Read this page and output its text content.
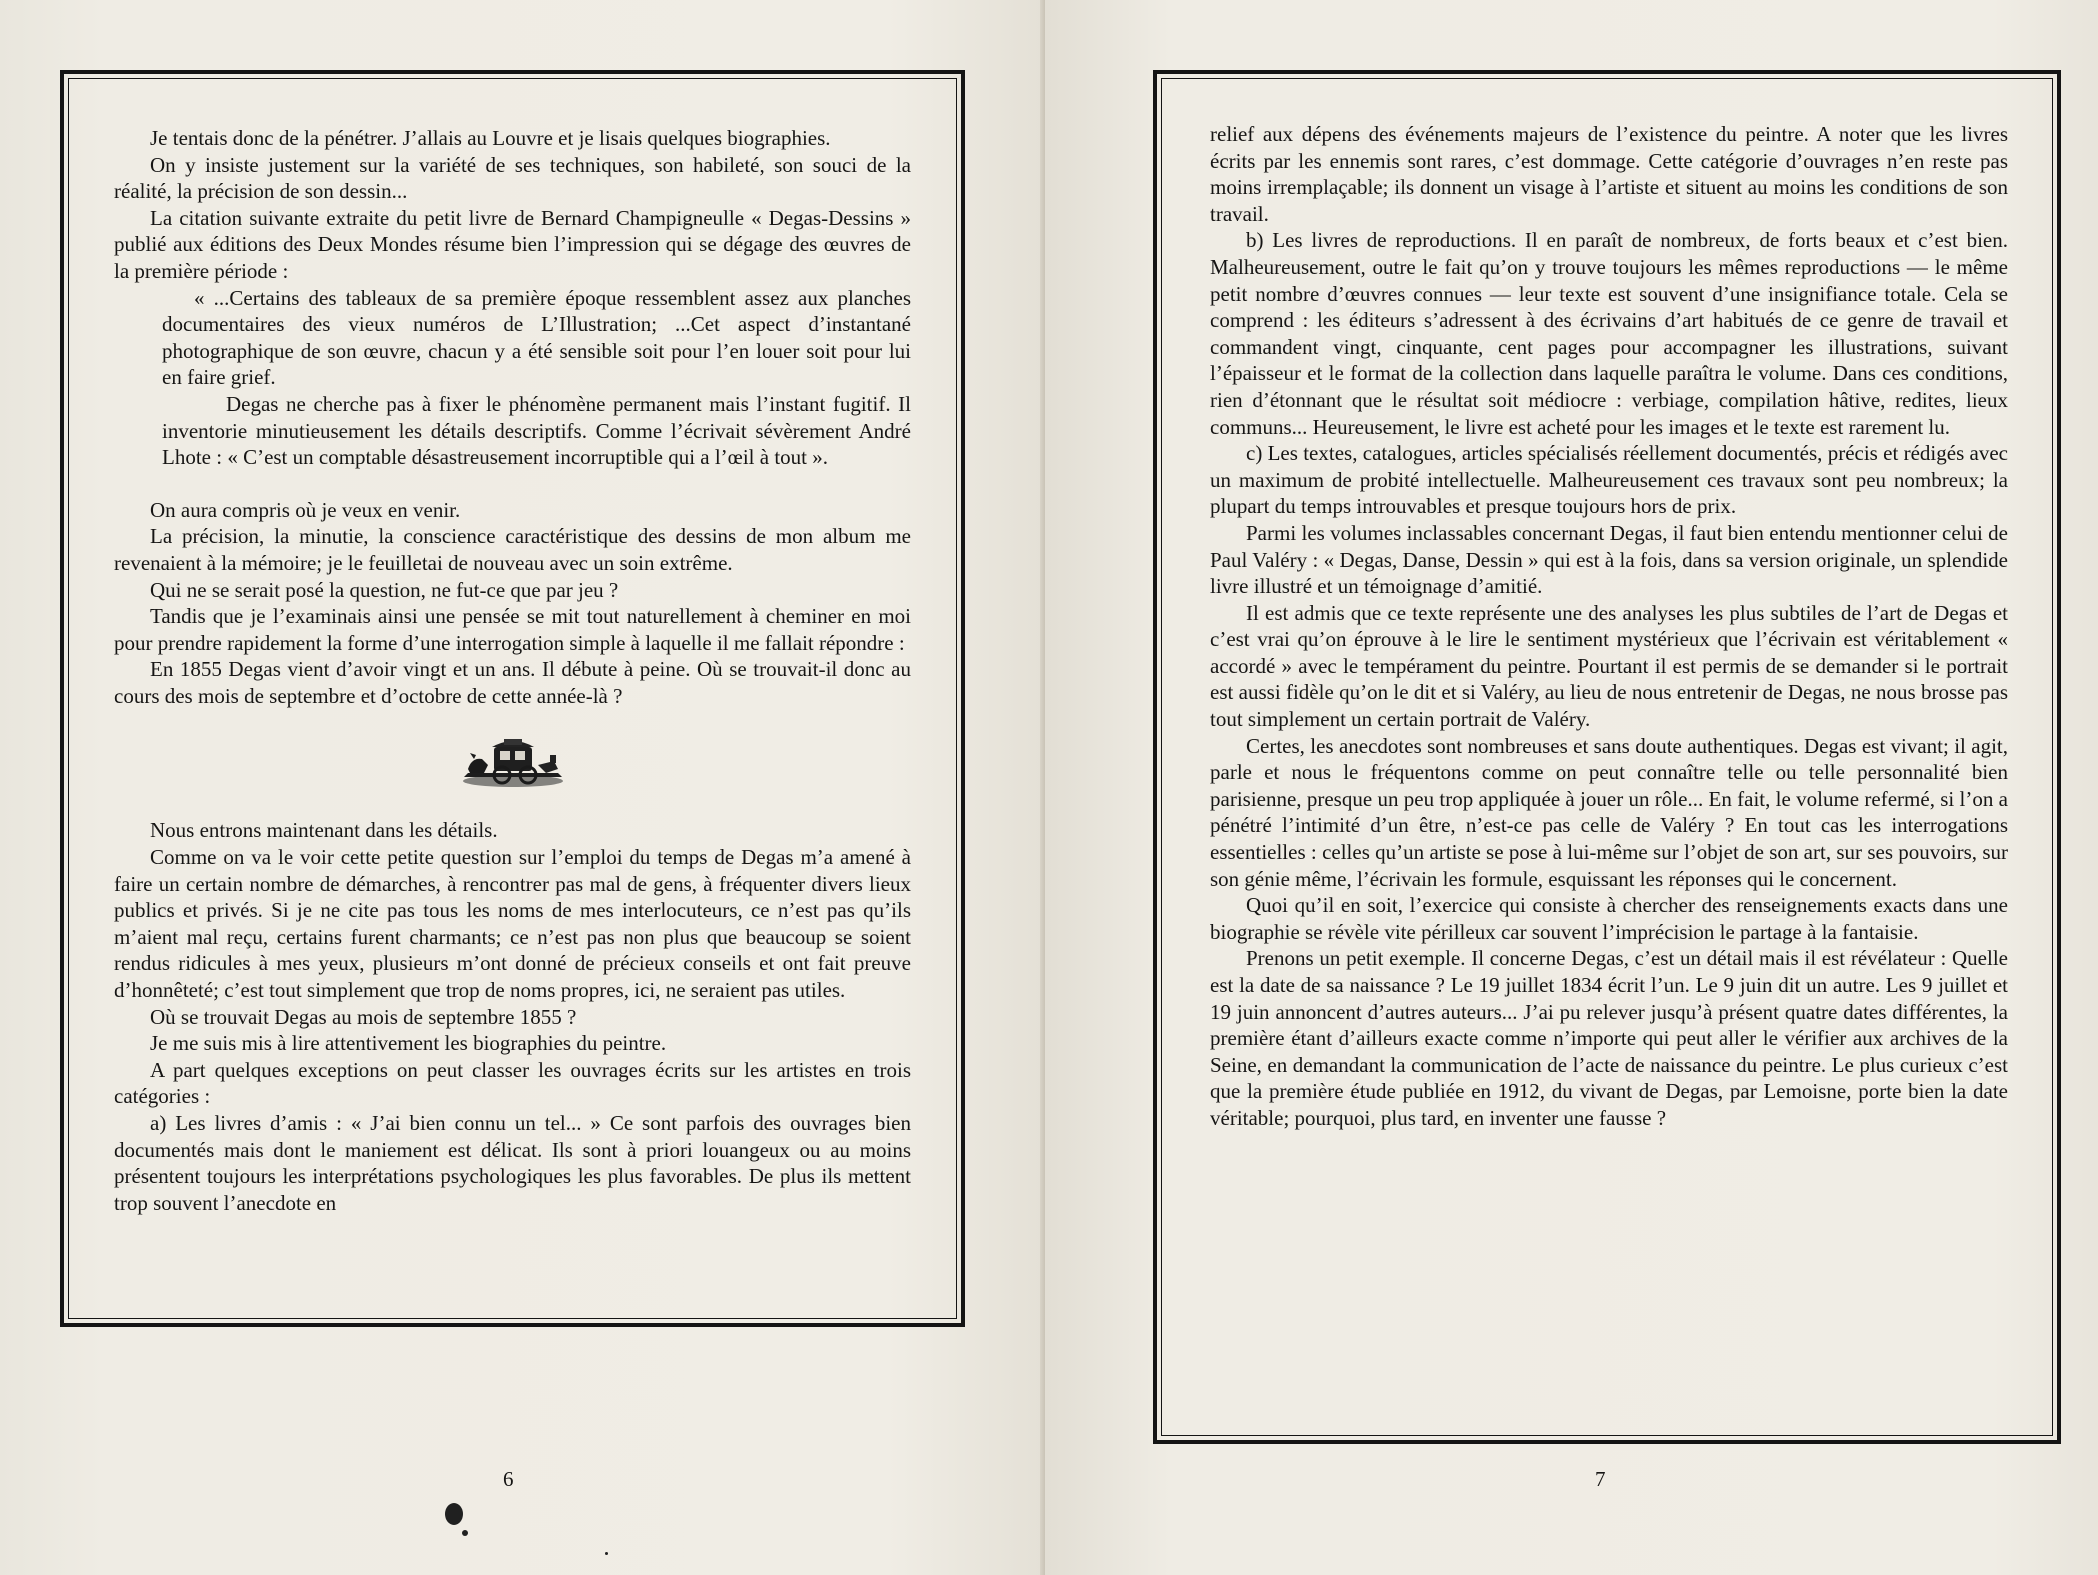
Je tentais donc de la pénétrer. J’allais au Louvre et je lisais quelques biographies.

On y insiste justement sur la variété de ses techniques, son habileté, son souci de la réalité, la précision de son dessin...

La citation suivante extraite du petit livre de Bernard Champigneulle « Degas-Dessins » publié aux éditions des Deux Mondes résume bien l’impression qui se dégage des œuvres de la première période :

« ...Certains des tableaux de sa première époque ressemblent assez aux planches documentaires des vieux numéros de L’Illustration; ...Cet aspect d’instantané photographique de son œuvre, chacun y a été sensible soit pour l’en louer soit pour lui en faire grief.

Degas ne cherche pas à fixer le phénomène permanent mais l’instant fugitif. Il inventorie minutieusement les détails descriptifs. Comme l’écrivait sévèrement André Lhote : « C’est un comptable désastreusement incorruptible qui a l’œil à tout ».

On aura compris où je veux en venir.

La précision, la minutie, la conscience caractéristique des dessins de mon album me revenaient à la mémoire; je le feuilletai de nouveau avec un soin extrême.

Qui ne se serait posé la question, ne fut-ce que par jeu ?

Tandis que je l’examinais ainsi une pensée se mit tout naturellement à cheminer en moi pour prendre rapidement la forme d’une interrogation simple à laquelle il me fallait répondre :

En 1855 Degas vient d’avoir vingt et un ans. Il débute à peine. Où se trouvait-il donc au cours des mois de septembre et d’octobre de cette année-là ?

Nous entrons maintenant dans les détails.

Comme on va le voir cette petite question sur l’emploi du temps de Degas m’a amené à faire un certain nombre de démarches, à rencontrer pas mal de gens, à fréquenter divers lieux publics et privés. Si je ne cite pas tous les noms de mes interlocuteurs, ce n’est pas qu’ils m’aient mal reçu, certains furent charmants; ce n’est pas non plus que beaucoup se soient rendus ridicules à mes yeux, plusieurs m’ont donné de précieux conseils et ont fait preuve d’honnêteté; c’est tout simplement que trop de noms propres, ici, ne seraient pas utiles.

Où se trouvait Degas au mois de septembre 1855 ?

Je me suis mis à lire attentivement les biographies du peintre.

A part quelques exceptions on peut classer les ouvrages écrits sur les artistes en trois catégories :

a) Les livres d’amis : « J’ai bien connu un tel... » Ce sont parfois des ouvrages bien documentés mais dont le maniement est délicat. Ils sont à priori louangeux ou au moins présentent toujours les interprétations psychologiques les plus favorables. De plus ils mettent trop souvent l’anecdote en

6

relief aux dépens des événements majeurs de l’existence du peintre. A noter que les livres écrits par les ennemis sont rares, c’est dommage. Cette catégorie d’ouvrages n’en reste pas moins irremplaçable; ils donnent un visage à l’artiste et situent au moins les conditions de son travail.

b) Les livres de reproductions. Il en paraît de nombreux, de forts beaux et c’est bien. Malheureusement, outre le fait qu’on y trouve toujours les mêmes reproductions — le même petit nombre d’œuvres connues — leur texte est souvent d’une insignifiance totale. Cela se comprend : les éditeurs s’adressent à des écrivains d’art habitués de ce genre de travail et commandent vingt, cinquante, cent pages pour accompagner les illustrations, suivant l’épaisseur et le format de la collection dans laquelle paraîtra le volume. Dans ces conditions, rien d’étonnant que le résultat soit médiocre : verbiage, compilation hâtive, redites, lieux communs... Heureusement, le livre est acheté pour les images et le texte est rarement lu.

c) Les textes, catalogues, articles spécialisés réellement documentés, précis et rédigés avec un maximum de probité intellectuelle. Malheureusement ces travaux sont peu nombreux; la plupart du temps introuvables et presque toujours hors de prix.

Parmi les volumes inclassables concernant Degas, il faut bien entendu mentionner celui de Paul Valéry : « Degas, Danse, Dessin » qui est à la fois, dans sa version originale, un splendide livre illustré et un témoignage d’amitié.

Il est admis que ce texte représente une des analyses les plus subtiles de l’art de Degas et c’est vrai qu’on éprouve à le lire le sentiment mystérieux que l’écrivain est véritablement « accordé » avec le tempérament du peintre. Pourtant il est permis de se demander si le portrait est aussi fidèle qu’on le dit et si Valéry, au lieu de nous entretenir de Degas, ne nous brosse pas tout simplement un certain portrait de Valéry.

Certes, les anecdotes sont nombreuses et sans doute authentiques. Degas est vivant; il agit, parle et nous le fréquentons comme on peut connaître telle ou telle personnalité bien parisienne, presque un peu trop appliquée à jouer un rôle... En fait, le volume refermé, si l’on a pénétré l’intimité d’un être, n’est-ce pas celle de Valéry ? En tout cas les interrogations essentielles : celles qu’un artiste se pose à lui-même sur l’objet de son art, sur ses pouvoirs, sur son génie même, l’écrivain les formule, esquissant les réponses qui le concernent.

Quoi qu’il en soit, l’exercice qui consiste à chercher des renseignements exacts dans une biographie se révèle vite périlleux car souvent l’imprécision le partage à la fantaisie.

Prenons un petit exemple. Il concerne Degas, c’est un détail mais il est révélateur : Quelle est la date de sa naissance ? Le 19 juillet 1834 écrit l’un. Le 9 juin dit un autre. Les 9 juillet et 19 juin annoncent d’autres auteurs... J’ai pu relever jusqu’à présent quatre dates différentes, la première étant d’ailleurs exacte comme n’importe qui peut aller le vérifier aux archives de la Seine, en demandant la communication de l’acte de naissance du peintre. Le plus curieux c’est que la première étude publiée en 1912, du vivant de Degas, par Lemoisne, porte bien la date véritable; pourquoi, plus tard, en inventer une fausse ?

7
